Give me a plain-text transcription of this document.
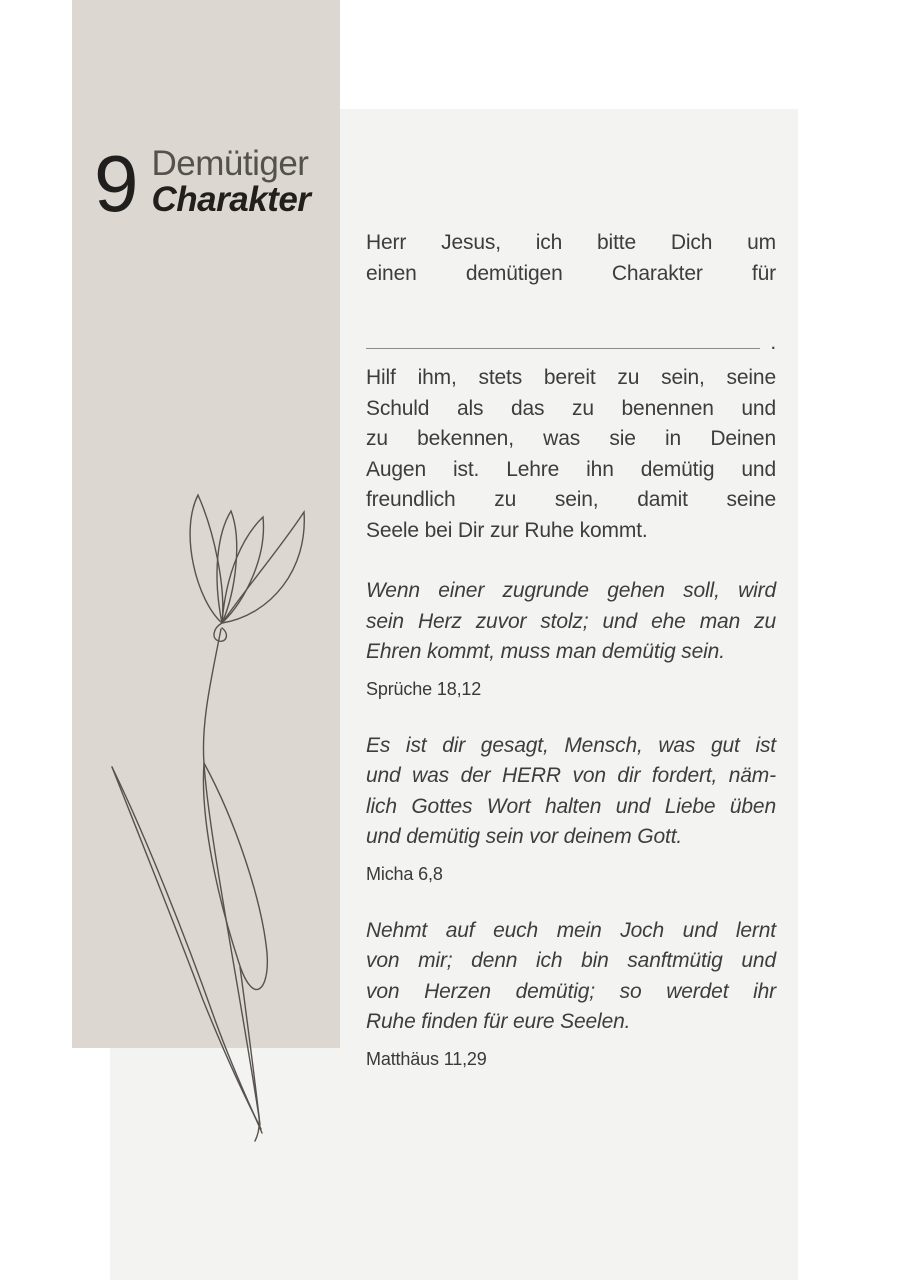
9 Demütiger
Charakter
Herr Jesus, ich bitte Dich um
einen demütigen Charakter für
.
Hilf ihm, stets bereit zu sein, seine
Schuld als das zu benennen und
zu bekennen, was sie in Deinen
Augen ist. Lehre ihn demütig und
freundlich zu sein, damit seine
Seele bei Dir zur Ruhe kommt.
Wenn einer zugrunde gehen soll, wird
sein Herz zuvor stolz; und ehe man zu
Ehren kommt, muss man demütig sein.
Sprüche 18,12
Es ist dir gesagt, Mensch, was gut ist
und was der HERR von dir fordert, näm-
lich Gottes Wort halten und Liebe üben
und demütig sein vor deinem Gott.
Micha 6,8
Nehmt auf euch mein Joch und lernt
von mir; denn ich bin sanftmütig und
von Herzen demütig; so werdet ihr
Ruhe finden für eure Seelen.
Matthäus 11,29
